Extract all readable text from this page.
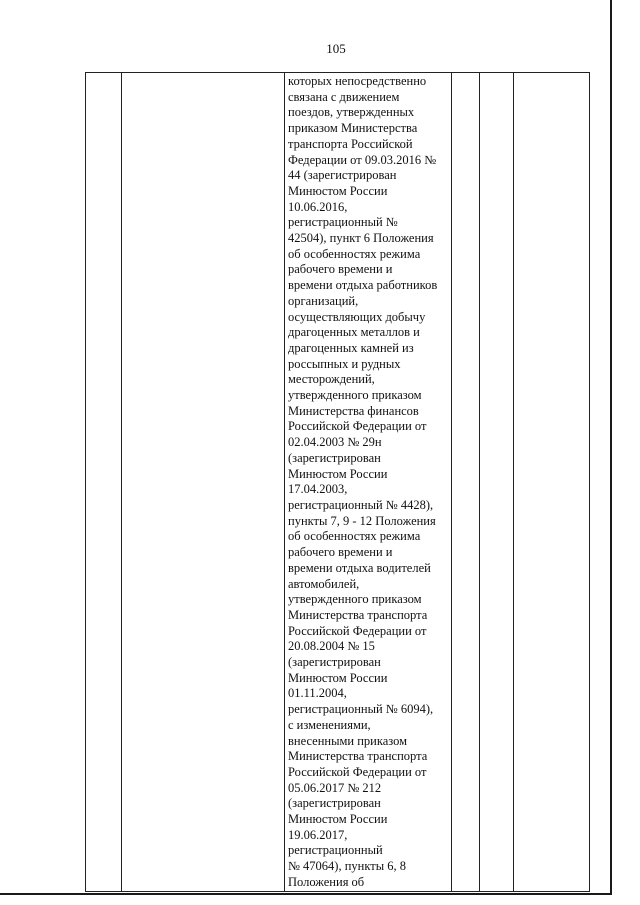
105

которых непосредственно
связана с движением
поездов, утвержденных
приказом Министерства
транспорта Российской
Федерации от 09.03.2016 №
44 (зарегистрирован
Минюстом России
10.06.2016,
регистрационный №
42504), пункт 6 Положения
об особенностях режима
рабочего времени и
времени отдыха работников
организаций,
осуществляющих добычу
драгоценных металлов и
драгоценных камней из
россыпных и рудных
месторождений,
утвержденного приказом
Министерства финансов
Российской Федерации от
02.04.2003 № 29н
(зарегистрирован
Минюстом России
17.04.2003,
регистрационный № 4428),
пункты 7, 9 - 12 Положения
об особенностях режима
рабочего времени и
времени отдыха водителей
автомобилей,
утвержденного приказом
Министерства транспорта
Российской Федерации от
20.08.2004 № 15
(зарегистрирован
Минюстом России
01.11.2004,
регистрационный № 6094),
с изменениями,
внесенными приказом
Министерства транспорта
Российской Федерации от
05.06.2017 № 212
(зарегистрирован
Минюстом России
19.06.2017,
регистрационный
№ 47064), пункты 6, 8
Положения об
